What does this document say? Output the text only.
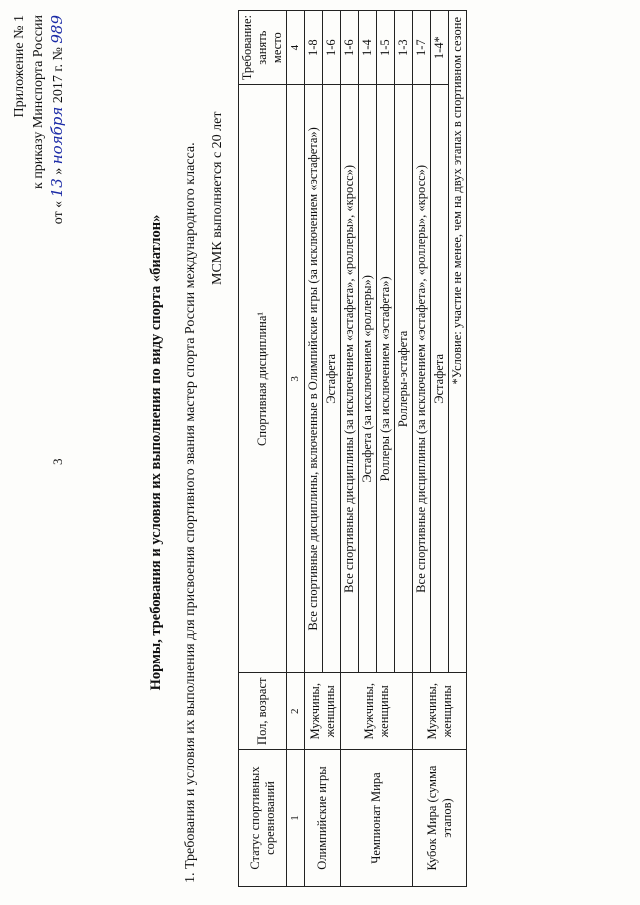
3
Приложение № 1 к приказу Минспорта России
от « 13 » ноября 2017 г. № 989
Нормы, требования и условия их выполнения по виду спорта «биатлон» 1. Требования и условия их выполнения для присвоения спортивного звания мастер спорта России международного класса. МСМК выполняется с 20 лет
Статус спортивных соревнований	Пол, возраст	Спортивная дисциплина¹	Требование: занять место
1	2	3	4
Олимпийские игры	Мужчины, женщины	Все спортивные дисциплины, включенные в Олимпийские игры (за исключением «эстафета»)	1-8
		Эстафета	1-6
Чемпионат Мира	Мужчины, женщины	Все спортивные дисциплины (за исключением «эстафета», «роллеры», «кросс»)	1-6
		Эстафета (за исключением «роллеры»)	1-4
		Роллеры (за исключением «эстафета»)	1-5
		Роллеры-эстафета	1-3
Кубок Мира (сумма этапов)	Мужчины, женщины	Все спортивные дисциплины (за исключением «эстафета», «роллеры», «кросс»)	1-7
		Эстафета	1-4*
		*Условие: участие не менее, чем на двух этапах в спортивном сезоне	
